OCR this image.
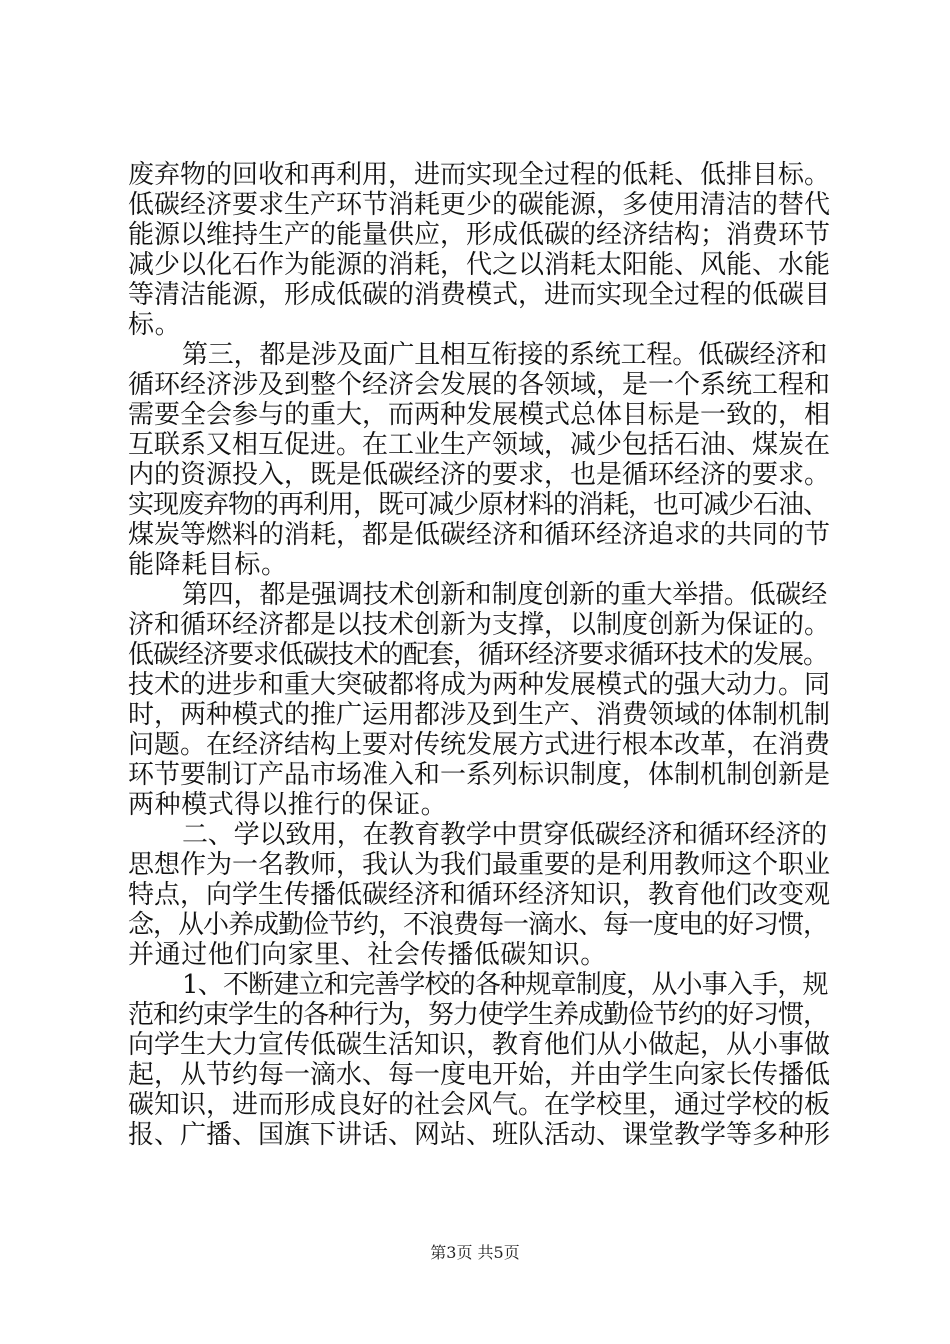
废弃物的回收和再利用，进而实现全过程的低耗、低排目标。
低碳经济要求生产环节消耗更少的碳能源，多使用清洁的替代
能源以维持生产的能量供应，形成低碳的经济结构；消费环节
减少以化石作为能源的消耗，代之以消耗太阳能、风能、水能
等清洁能源，形成低碳的消费模式，进而实现全过程的低碳目
标。
第三，都是涉及面广且相互衔接的系统工程。低碳经济和
循环经济涉及到整个经济会发展的各领域，是一个系统工程和
需要全会参与的重大，而两种发展模式总体目标是一致的，相
互联系又相互促进。在工业生产领域，减少包括石油、煤炭在
内的资源投入，既是低碳经济的要求，也是循环经济的要求。
实现废弃物的再利用，既可减少原材料的消耗，也可减少石油、
煤炭等燃料的消耗，都是低碳经济和循环经济追求的共同的节
能降耗目标。
第四，都是强调技术创新和制度创新的重大举措。低碳经
济和循环经济都是以技术创新为支撑，以制度创新为保证的。
低碳经济要求低碳技术的配套，循环经济要求循环技术的发展。
技术的进步和重大突破都将成为两种发展模式的强大动力。同
时，两种模式的推广运用都涉及到生产、消费领域的体制机制
问题。在经济结构上要对传统发展方式进行根本改革，在消费
环节要制订产品市场准入和一系列标识制度，体制机制创新是
两种模式得以推行的保证。
二、学以致用，在教育教学中贯穿低碳经济和循环经济的
思想作为一名教师，我认为我们最重要的是利用教师这个职业
特点，向学生传播低碳经济和循环经济知识，教育他们改变观
念，从小养成勤俭节约，不浪费每一滴水、每一度电的好习惯，
并通过他们向家里、社会传播低碳知识。
1、不断建立和完善学校的各种规章制度，从小事入手，规
范和约束学生的各种行为，努力使学生养成勤俭节约的好习惯，
向学生大力宣传低碳生活知识，教育他们从小做起，从小事做
起，从节约每一滴水、每一度电开始，并由学生向家长传播低
碳知识，进而形成良好的社会风气。在学校里，通过学校的板
报、广播、国旗下讲话、网站、班队活动、课堂教学等多种形
第3页 共5页
